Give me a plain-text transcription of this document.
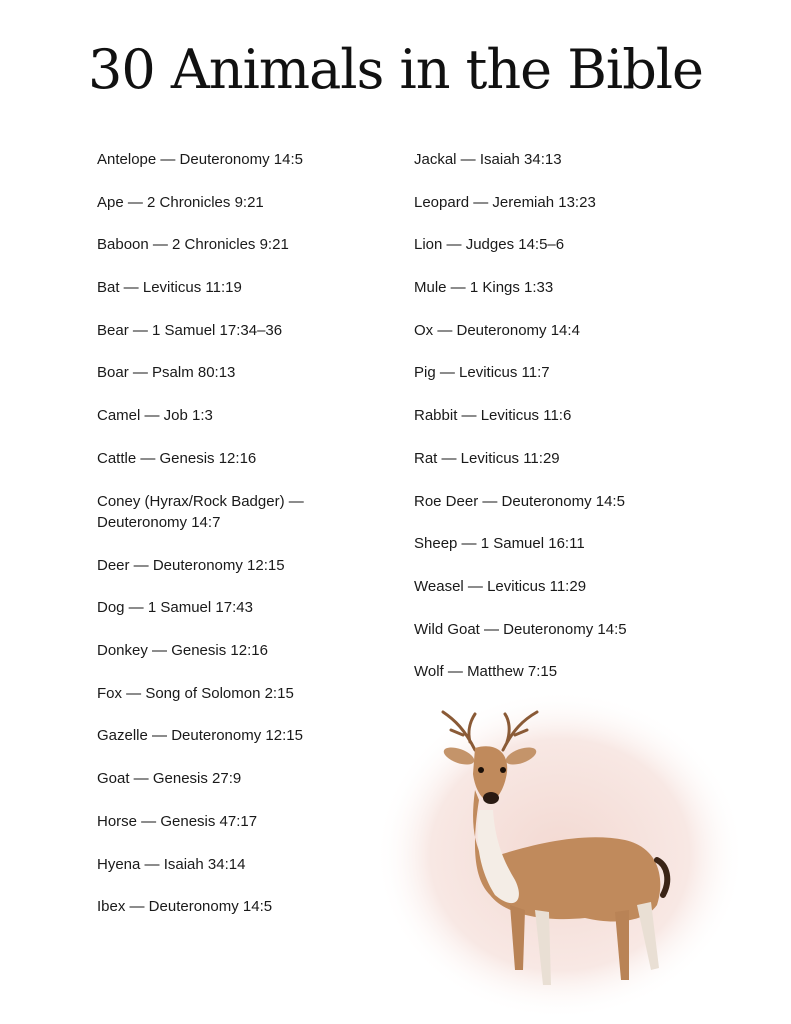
30 Animals in the Bible
Antelope — Deuteronomy 14:5
Ape — 2 Chronicles 9:21
Baboon — 2 Chronicles 9:21
Bat — Leviticus 11:19
Bear — 1 Samuel 17:34–36
Boar — Psalm 80:13
Camel — Job 1:3
Cattle — Genesis 12:16
Coney (Hyrax/Rock Badger) — Deuteronomy 14:7
Deer — Deuteronomy 12:15
Dog — 1 Samuel 17:43
Donkey — Genesis 12:16
Fox — Song of Solomon 2:15
Gazelle — Deuteronomy 12:15
Goat — Genesis 27:9
Horse — Genesis 47:17
Hyena — Isaiah 34:14
Ibex — Deuteronomy 14:5
Jackal — Isaiah 34:13
Leopard — Jeremiah 13:23
Lion — Judges 14:5–6
Mule — 1 Kings 1:33
Ox — Deuteronomy 14:4
Pig — Leviticus 11:7
Rabbit — Leviticus 11:6
Rat — Leviticus 11:29
Roe Deer — Deuteronomy 14:5
Sheep — 1 Samuel 16:11
Weasel — Leviticus 11:29
Wild Goat — Deuteronomy 14:5
Wolf — Matthew 7:15
